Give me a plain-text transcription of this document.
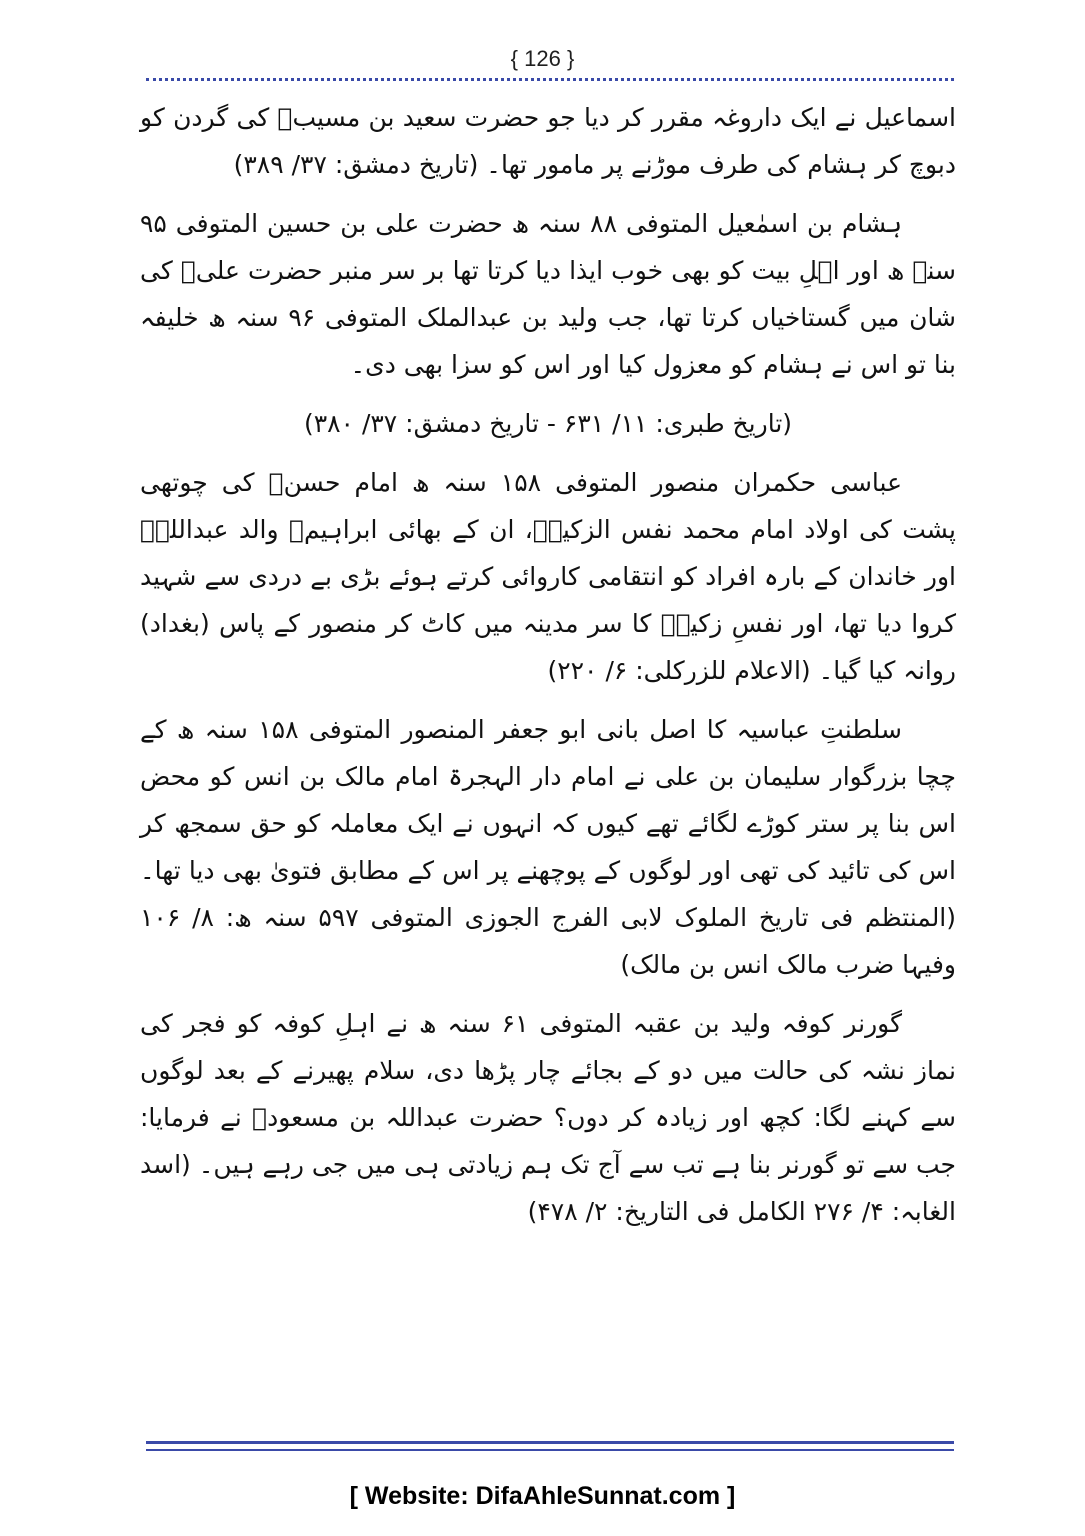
{ 126 }

اسماعیل نے ایک داروغہ مقرر کر دیا جو حضرت سعید بن مسیبؒ کی گردن کو دبوچ کر ہشام کی طرف موڑنے پر مامور تھا۔ (تاریخ دمشق: ۳۷/ ۳۸۹)

ہشام بن اسمٰعیل المتوفی ۸۸ سنہ ھ حضرت علی بن حسین المتوفی ۹۵ سنہ ھ اور اہلِ بیت کو بھی خوب ایذا دیا کرتا تھا بر سر منبر حضرت علیؓ کی شان میں گستاخیاں کرتا تھا، جب ولید بن عبدالملک المتوفی ۹۶ سنہ ھ خلیفہ بنا تو اس نے ہشام کو معزول کیا اور اس کو سزا بھی دی۔

(تاریخ طبری: ۱۱/ ۶۳۱ - تاریخ دمشق: ۳۷/ ۳۸۰)

عباسی حکمران منصور المتوفی ۱۵۸ سنہ ھ امام حسنؓ کی چوتھی پشت کی اولاد امام محمد نفس الزکیہؒ، ان کے بھائی ابراہیمؒ والد عبداللہؒ اور خاندان کے بارہ افراد کو انتقامی کاروائی کرتے ہوئے بڑی بے دردی سے شہید کروا دیا تھا، اور نفسِ زکیہؒ کا سر مدینہ میں کاٹ کر منصور کے پاس (بغداد) روانہ کیا گیا۔ (الاعلام للزرکلی: ۶/ ۲۲۰)

سلطنتِ عباسیہ کا اصل بانی ابو جعفر المنصور المتوفی ۱۵۸ سنہ ھ کے چچا بزرگوار سلیمان بن علی نے امام دار الہجرۃ امام مالک بن انس کو محض اس بنا پر ستر کوڑے لگائے تھے کیوں کہ انہوں نے ایک معاملہ کو حق سمجھ کر اس کی تائید کی تھی اور لوگوں کے پوچھنے پر اس کے مطابق فتویٰ بھی دیا تھا۔ (المنتظم فی تاریخ الملوک لابی الفرج الجوزی المتوفی ۵۹۷ سنہ ھ: ۸/ ۱۰۶ وفیہا ضرب مالک انس بن مالک)

گورنر کوفہ ولید بن عقبہ المتوفی ۶۱ سنہ ھ نے اہلِ کوفہ کو فجر کی نماز نشہ کی حالت میں دو کے بجائے چار پڑھا دی، سلام پھیرنے کے بعد لوگوں سے کہنے لگا: کچھ اور زیادہ کر دوں؟ حضرت عبداللہ بن مسعودؓ نے فرمایا: جب سے تو گورنر بنا ہے تب سے آج تک ہم زیادتی ہی میں جی رہے ہیں۔ (اسد الغابہ: ۴/ ۲۷۶ الکامل فی التاریخ: ۲/ ۴۷۸)

[ Website: DifaAhleSunnat.com ]
